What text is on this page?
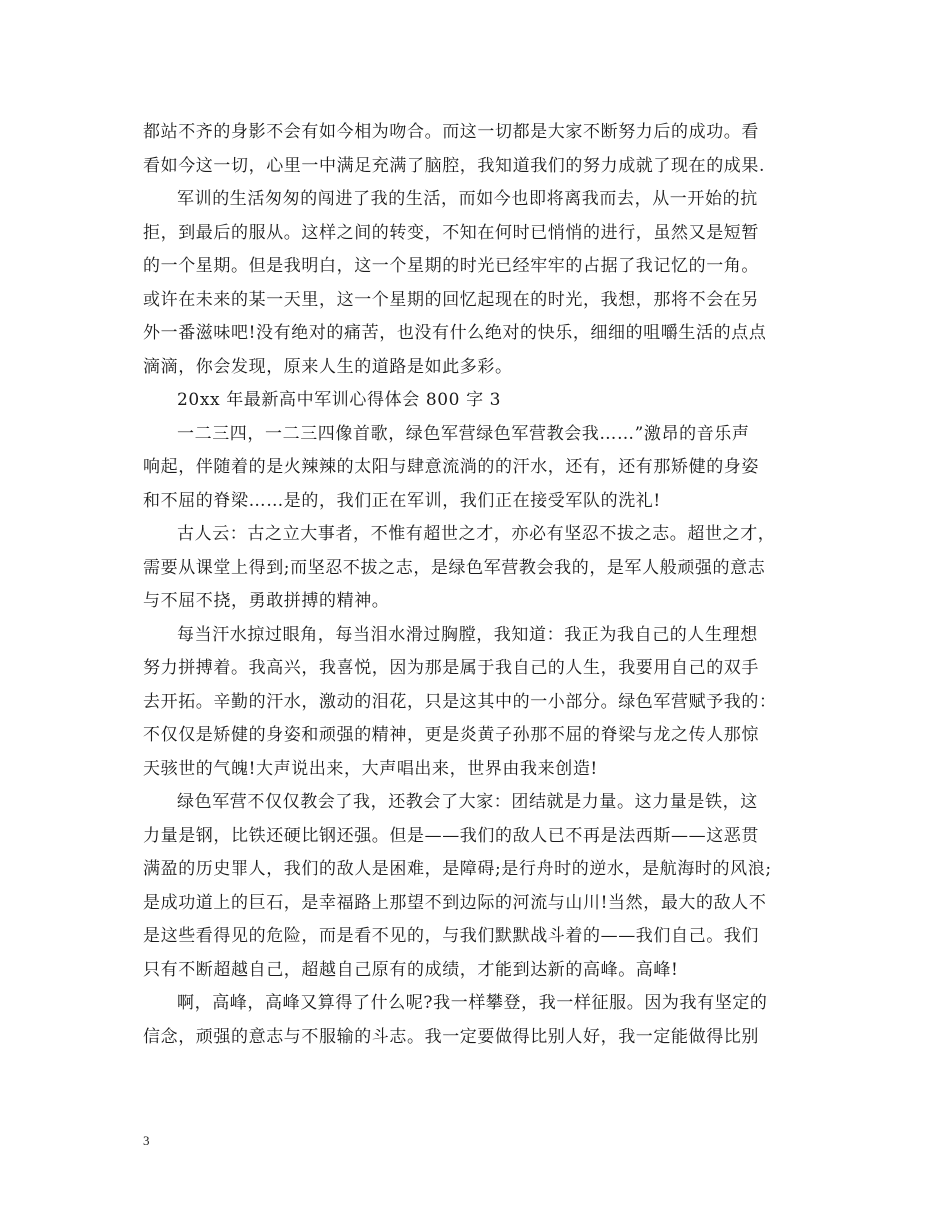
都站不齐的身影不会有如今相为吻合。而这一切都是大家不断努力后的成功。看
看如今这一切，心里一中满足充满了脑腔，我知道我们的努力成就了现在的成果.
军训的生活匆匆的闯进了我的生活，而如今也即将离我而去，从一开始的抗
拒，到最后的服从。这样之间的转变，不知在何时已悄悄的进行，虽然又是短暂
的一个星期。但是我明白，这一个星期的时光已经牢牢的占据了我记忆的一角。
或许在未来的某一天里，这一个星期的回忆起现在的时光，我想，那将不会在另
外一番滋味吧!没有绝对的痛苦，也没有什么绝对的快乐，细细的咀嚼生活的点点
滴滴，你会发现，原来人生的道路是如此多彩。
20xx 年最新高中军训心得体会 800 字 3
一二三四，一二三四像首歌，绿色军营绿色军营教会我……”激昂的音乐声
响起，伴随着的是火辣辣的太阳与肆意流淌的的汗水，还有，还有那矫健的身姿
和不屈的脊梁……是的，我们正在军训，我们正在接受军队的洗礼!
古人云：古之立大事者，不惟有超世之才，亦必有坚忍不拔之志。超世之才，
需要从课堂上得到;而坚忍不拔之志，是绿色军营教会我的，是军人般顽强的意志
与不屈不挠，勇敢拼搏的精神。
每当汗水掠过眼角，每当泪水滑过胸膛，我知道：我正为我自己的人生理想
努力拼搏着。我高兴，我喜悦，因为那是属于我自己的人生，我要用自己的双手
去开拓。辛勤的汗水，激动的泪花，只是这其中的一小部分。绿色军营赋予我的：
不仅仅是矫健的身姿和顽强的精神，更是炎黄子孙那不屈的脊梁与龙之传人那惊
天骇世的气魄!大声说出来，大声唱出来，世界由我来创造!
绿色军营不仅仅教会了我，还教会了大家：团结就是力量。这力量是铁，这
力量是钢，比铁还硬比钢还强。但是——我们的敌人已不再是法西斯——这恶贯
满盈的历史罪人，我们的敌人是困难，是障碍;是行舟时的逆水，是航海时的风浪;
是成功道上的巨石，是幸福路上那望不到边际的河流与山川!当然，最大的敌人不
是这些看得见的危险，而是看不见的，与我们默默战斗着的——我们自己。我们
只有不断超越自己，超越自己原有的成绩，才能到达新的高峰。高峰!
啊，高峰，高峰又算得了什么呢?我一样攀登，我一样征服。因为我有坚定的
信念，顽强的意志与不服输的斗志。我一定要做得比别人好，我一定能做得比别
3
